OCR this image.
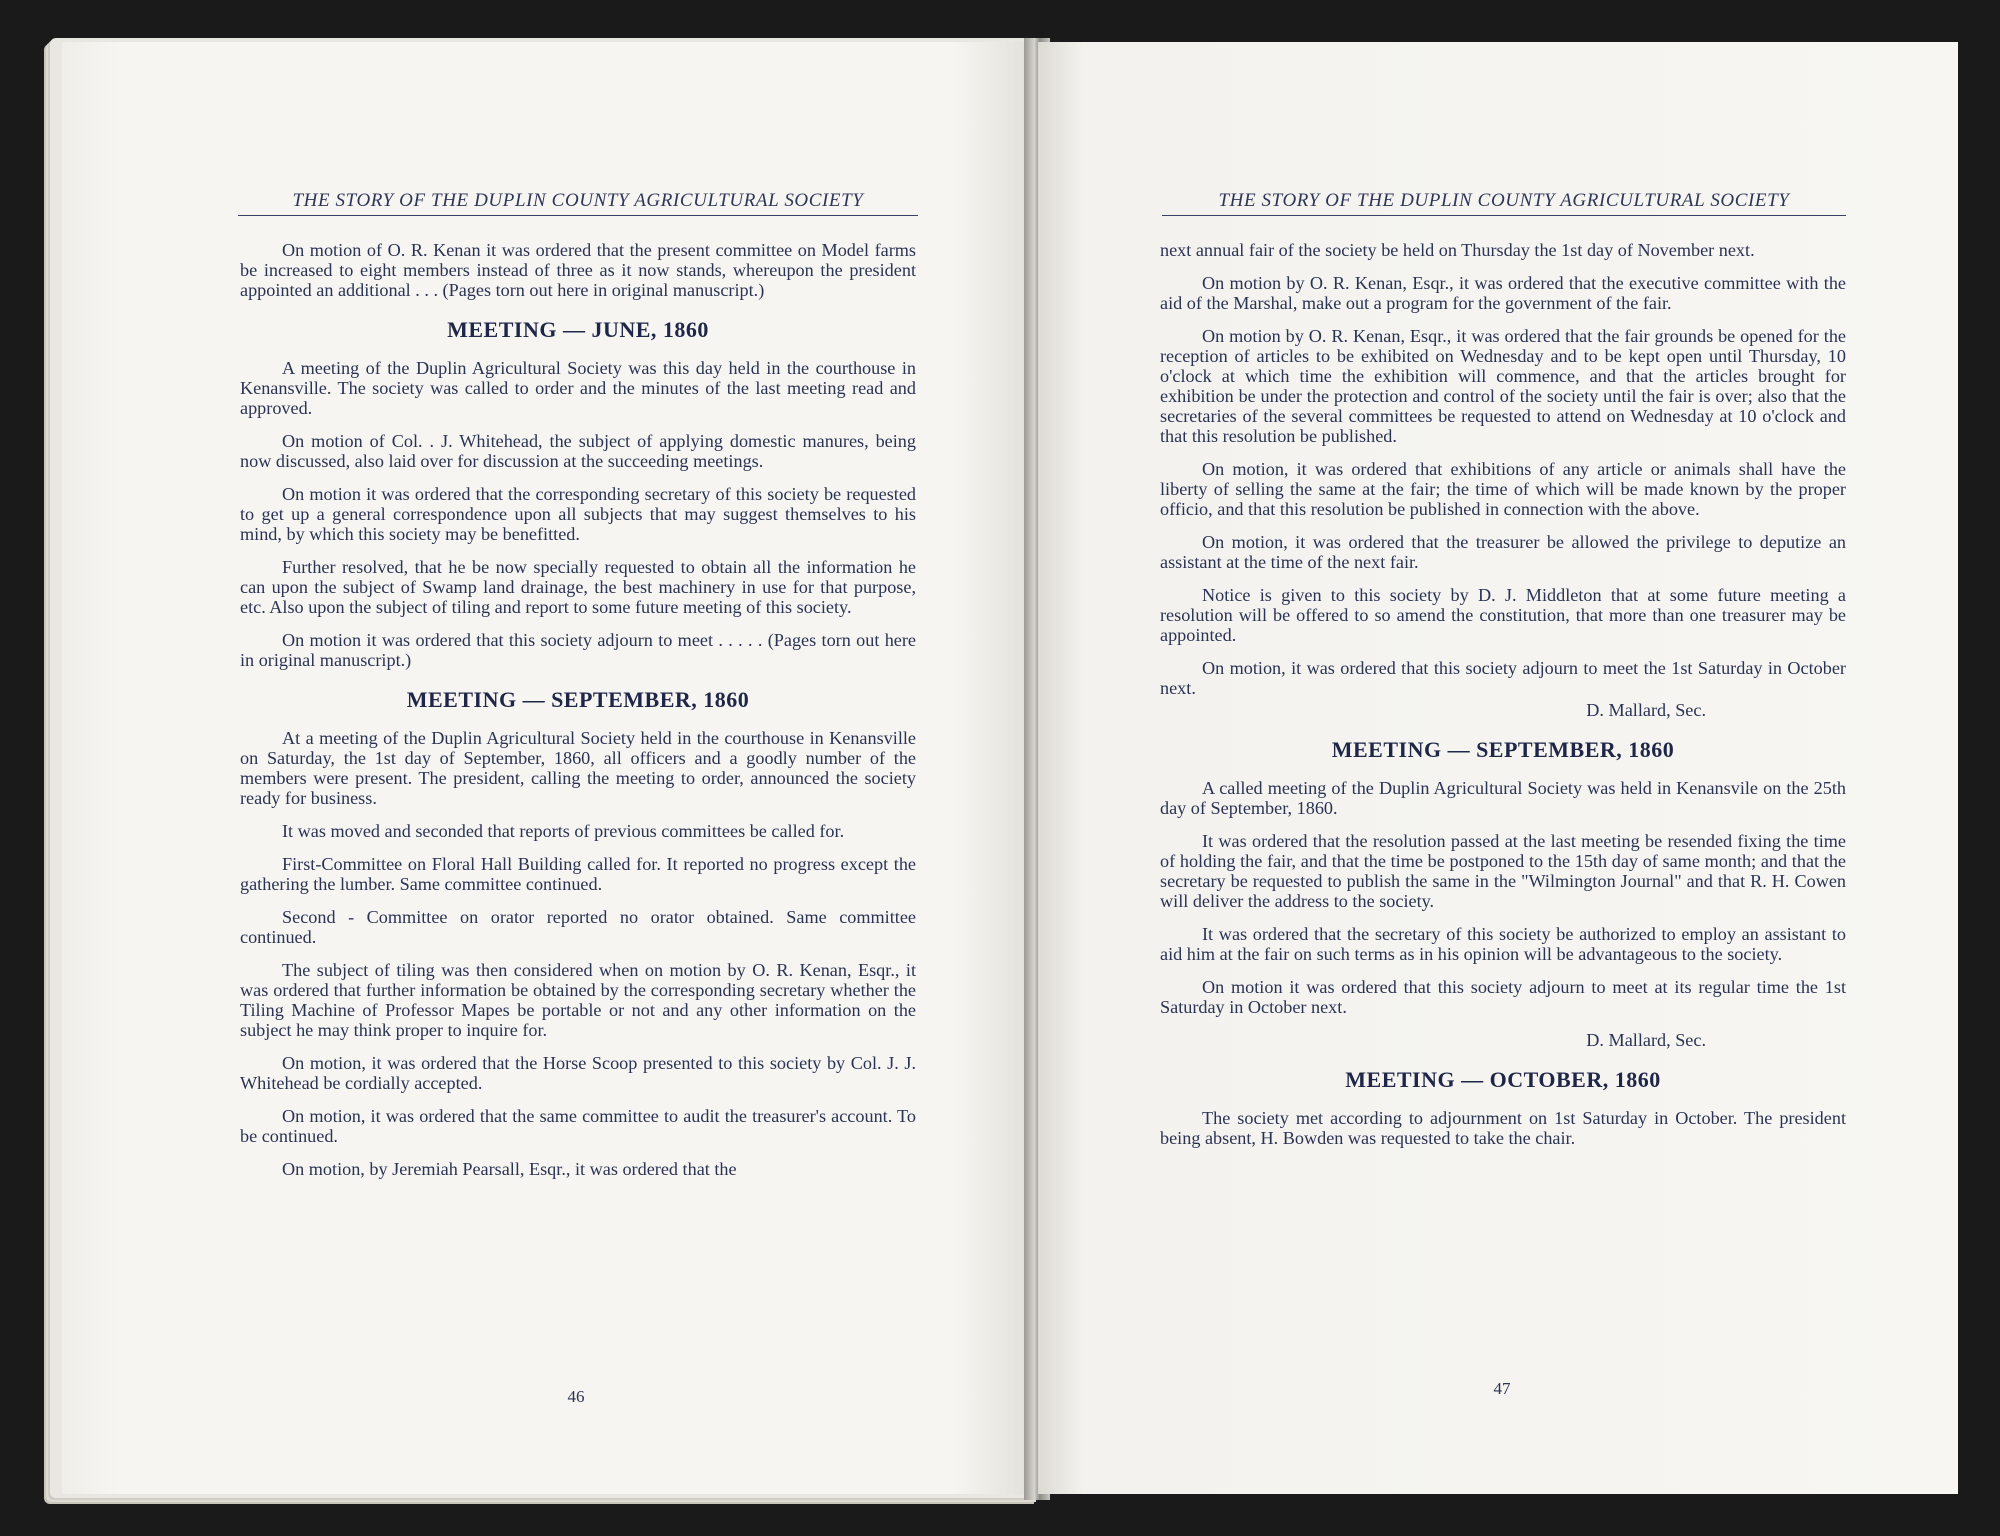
THE STORY OF THE DUPLIN COUNTY AGRICULTURAL SOCIETY
On motion of O. R. Kenan it was ordered that the present committee on Model farms be increased to eight members instead of three as it now stands, whereupon the president appointed an additional . . . (Pages torn out here in original manuscript.)
MEETING — JUNE, 1860
A meeting of the Duplin Agricultural Society was this day held in the courthouse in Kenansville. The society was called to order and the minutes of the last meeting read and approved.
On motion of Col. . J. Whitehead, the subject of applying domestic manures, being now discussed, also laid over for discussion at the succeeding meetings.
On motion it was ordered that the corresponding secretary of this society be requested to get up a general correspondence upon all subjects that may suggest themselves to his mind, by which this society may be benefitted.
Further resolved, that he be now specially requested to obtain all the information he can upon the subject of Swamp land drainage, the best machinery in use for that purpose, etc. Also upon the subject of tiling and report to some future meeting of this society.
On motion it was ordered that this society adjourn to meet . . . . . (Pages torn out here in original manuscript.)
MEETING — SEPTEMBER, 1860
At a meeting of the Duplin Agricultural Society held in the courthouse in Kenansville on Saturday, the 1st day of September, 1860, all officers and a goodly number of the members were present. The president, calling the meeting to order, announced the society ready for business.
It was moved and seconded that reports of previous committees be called for.
First-Committee on Floral Hall Building called for. It reported no progress except the gathering the lumber. Same committee continued.
Second - Committee on orator reported no orator obtained. Same committee continued.
The subject of tiling was then considered when on motion by O. R. Kenan, Esqr., it was ordered that further information be obtained by the corresponding secretary whether the Tiling Machine of Professor Mapes be portable or not and any other information on the subject he may think proper to inquire for.
On motion, it was ordered that the Horse Scoop presented to this society by Col. J. J. Whitehead be cordially accepted.
On motion, it was ordered that the same committee to audit the treasurer's account. To be continued.
On motion, by Jeremiah Pearsall, Esqr., it was ordered that the
46
THE STORY OF THE DUPLIN COUNTY AGRICULTURAL SOCIETY
next annual fair of the society be held on Thursday the 1st day of November next.
On motion by O. R. Kenan, Esqr., it was ordered that the executive committee with the aid of the Marshal, make out a program for the government of the fair.
On motion by O. R. Kenan, Esqr., it was ordered that the fair grounds be opened for the reception of articles to be exhibited on Wednesday and to be kept open until Thursday, 10 o'clock at which time the exhibition will commence, and that the articles brought for exhibition be under the protection and control of the society until the fair is over; also that the secretaries of the several committees be requested to attend on Wednesday at 10 o'clock and that this resolution be published.
On motion, it was ordered that exhibitions of any article or animals shall have the liberty of selling the same at the fair; the time of which will be made known by the proper officio, and that this resolution be published in connection with the above.
On motion, it was ordered that the treasurer be allowed the privilege to deputize an assistant at the time of the next fair.
Notice is given to this society by D. J. Middleton that at some future meeting a resolution will be offered to so amend the constitution, that more than one treasurer may be appointed.
On motion, it was ordered that this society adjourn to meet the 1st Saturday in October next.
D. Mallard, Sec.
MEETING — SEPTEMBER, 1860
A called meeting of the Duplin Agricultural Society was held in Kenansvile on the 25th day of September, 1860.
It was ordered that the resolution passed at the last meeting be resended fixing the time of holding the fair, and that the time be postponed to the 15th day of same month; and that the secretary be requested to publish the same in the "Wilmington Journal" and that R. H. Cowen will deliver the address to the society.
It was ordered that the secretary of this society be authorized to employ an assistant to aid him at the fair on such terms as in his opinion will be advantageous to the society.
On motion it was ordered that this society adjourn to meet at its regular time the 1st Saturday in October next.
D. Mallard, Sec.
MEETING — OCTOBER, 1860
The society met according to adjournment on 1st Saturday in October. The president being absent, H. Bowden was requested to take the chair.
47
